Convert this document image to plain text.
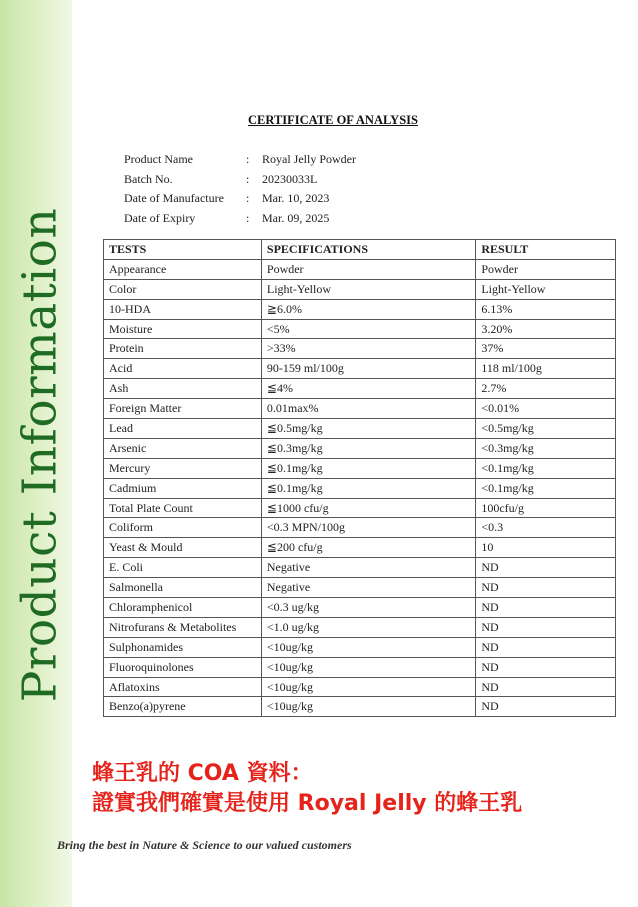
Product Information
CERTIFICATE OF ANALYSIS
Product Name	:	Royal Jelly Powder
Batch No.	:	20230033L
Date of Manufacture	:	Mar. 10, 2023
Date of Expiry	:	Mar. 09, 2025
TESTS	SPECIFICATIONS	RESULT
Appearance	Powder	Powder
Color	Light-Yellow	Light-Yellow
10-HDA	≧6.0%	6.13%
Moisture	<5%	3.20%
Protein	>33%	37%
Acid	90-159 ml/100g	118 ml/100g
Ash	≦4%	2.7%
Foreign Matter	0.01max%	<0.01%
Lead	≦0.5mg/kg	<0.5mg/kg
Arsenic	≦0.3mg/kg	<0.3mg/kg
Mercury	≦0.1mg/kg	<0.1mg/kg
Cadmium	≦0.1mg/kg	<0.1mg/kg
Total Plate Count	≦1000 cfu/g	100cfu/g
Coliform	<0.3 MPN/100g	<0.3
Yeast & Mould	≦200 cfu/g	10
E. Coli	Negative	ND
Salmonella	Negative	ND
Chloramphenicol	<0.3 ug/kg	ND
Nitrofurans & Metabolites	<1.0 ug/kg	ND
Sulphonamides	<10ug/kg	ND
Fluoroquinolones	<10ug/kg	ND
Aflatoxins	<10ug/kg	ND
Benzo(a)pyrene	<10ug/kg	ND
蜂王乳的 COA 資料：
證實我們確實是使用 Royal Jelly 的蜂王乳
Bring the best in Nature & Science to our valued customers
